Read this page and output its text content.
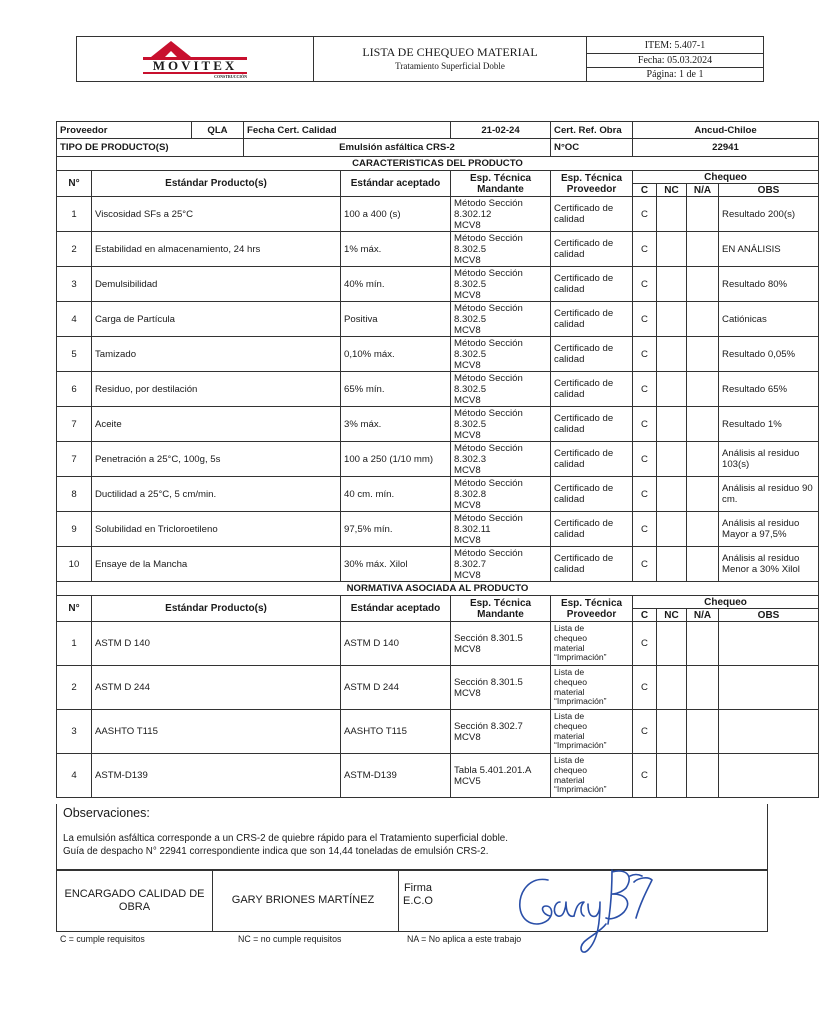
MOVITEX
CONSTRUCCIÓN
	LISTA DE CHEQUEO MATERIAL
Tratamiento Superficial Doble
	ITEM: 5.407-1
Fecha: 05.03.2024
Página: 1 de 1
Proveedor		QLA	Fecha Cert. Calidad		21-02-24	Cert. Ref. Obra	Ancud-Chiloe			
TIPO DE PRODUCTO(S)			Emulsión asfáltica CRS-2			N°OC	22941			
CARACTERISTICAS DEL PRODUCTO										
N°	Estándar Producto(s)			Estándar aceptado	Esp. Técnica Mandante	Esp. Técnica Proveedor	Chequeo			
							C	NC	N/A	OBS
1	Viscosidad SFs a 25°C			100 a 400 (s)	Método Sección
8.302.12
MCV8	Certificado de calidad	C			Resultado 200(s)
2	Estabilidad en almacenamiento, 24 hrs			1% máx.	Método Sección
8.302.5
MCV8	Certificado de calidad	C			EN ANÁLISIS
3	Demulsibilidad			40% mín.	Método Sección
8.302.5
MCV8	Certificado de calidad	C			Resultado 80%
4	Carga de Partícula			Positiva	Método Sección
8.302.5
MCV8	Certificado de calidad	C			Catiónicas
5	Tamizado			0,10% máx.	Método Sección
8.302.5
MCV8	Certificado de calidad	C			Resultado 0,05%
6	Residuo, por destilación			65% mín.	Método Sección
8.302.5
MCV8	Certificado de calidad	C			Resultado 65%
7	Aceite			3% máx.	Método Sección
8.302.5
MCV8	Certificado de calidad	C			Resultado 1%
7	Penetración a 25°C, 100g, 5s			100 a 250 (1/10 mm)	Método Sección
8.302.3
MCV8	Certificado de calidad	C			Análisis al residuo 103(s)
8	Ductilidad a 25°C, 5 cm/min.			40 cm. mín.	Método Sección
8.302.8
MCV8	Certificado de calidad	C			Análisis al residuo 90 cm.
9	Solubilidad en Tricloroetileno			97,5% mín.	Método Sección
8.302.11
MCV8	Certificado de calidad	C			Análisis al residuo Mayor a 97,5%
10	Ensaye de la Mancha			30% máx. Xilol	Método Sección
8.302.7
MCV8	Certificado de calidad	C			Análisis al residuo Menor a 30% Xilol
NORMATIVA ASOCIADA AL PRODUCTO										
N°	Estándar Producto(s)			Estándar aceptado	Esp. Técnica Mandante	Esp. Técnica Proveedor	Chequeo			
							C	NC	N/A	OBS
1	ASTM D 140			ASTM D 140	Sección 8.301.5
MCV8	Lista de
chequeo
material
“Imprimación”	C			
2	ASTM D 244			ASTM D 244	Sección 8.301.5
MCV8	Lista de
chequeo
material
“Imprimación”	C			
3	AASHTO T115			AASHTO T115	Sección 8.302.7
MCV8	Lista de
chequeo
material
“Imprimación”	C			
4	ASTM-D139			ASTM-D139	Tabla 5.401.201.A
MCV5	Lista de
chequeo
material
“Imprimación”	C			
Observaciones:
La emulsión asfáltica corresponde a un CRS-2 de quiebre rápido para el Tratamiento superficial doble.
Guía de despacho N° 22941 correspondiente indica que son 14,44 toneladas de emulsión CRS-2.
ENCARGADO CALIDAD DE OBRA
GARY BRIONES MARTÍNEZ
Firma
E.C.O
C = cumple requisitos	NC = no cumple requisitos	NA = No aplica a este trabajo
